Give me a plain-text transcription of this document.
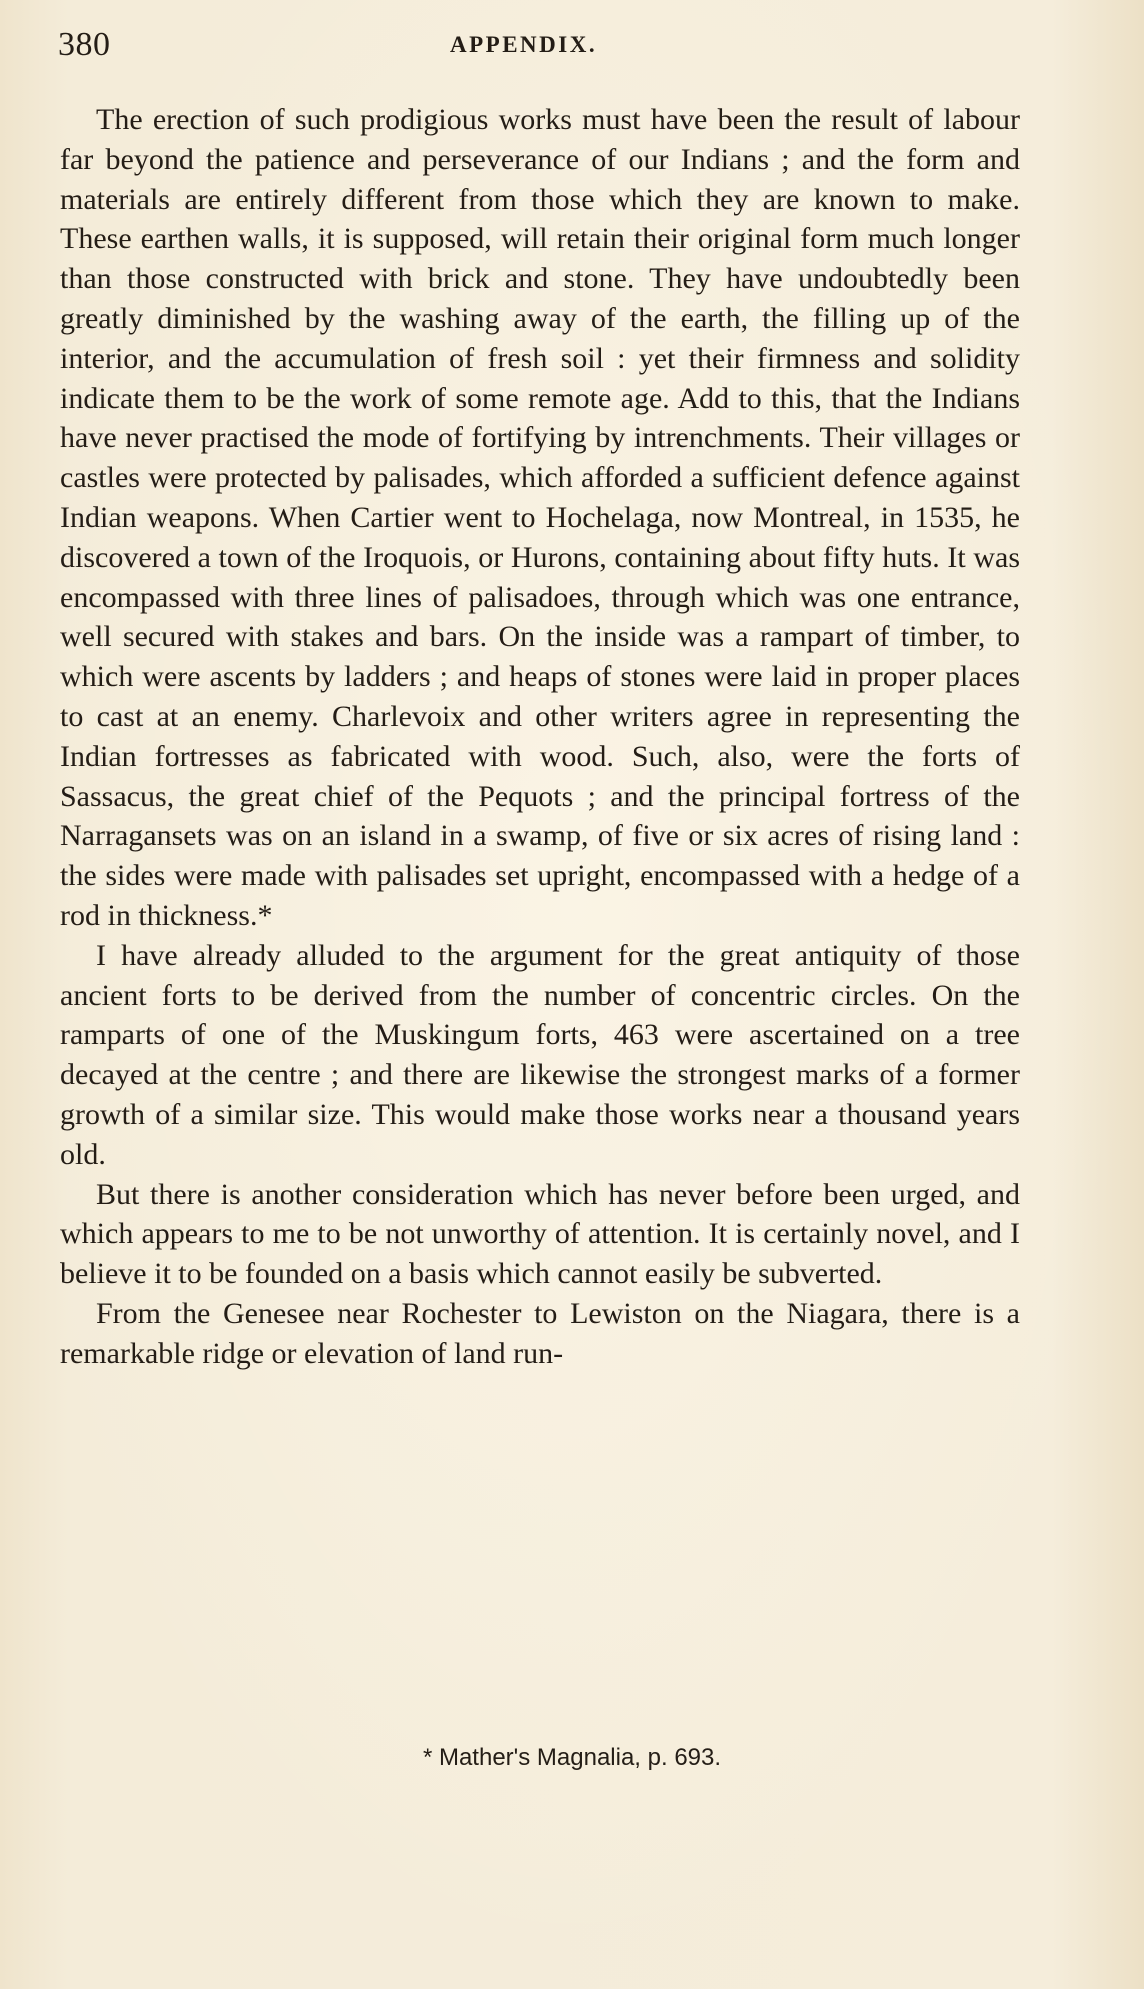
380	APPENDIX.

The erection of such prodigious works must have been the result of labour far beyond the patience and perseverance of our Indians ; and the form and materials are entirely different from those which they are known to make. These earthen walls, it is supposed, will retain their original form much longer than those constructed with brick and stone. They have undoubtedly been greatly diminished by the washing away of the earth, the filling up of the interior, and the accumulation of fresh soil : yet their firmness and solidity indicate them to be the work of some remote age. Add to this, that the Indians have never practised the mode of fortifying by intrenchments. Their villages or castles were protected by palisades, which afforded a sufficient defence against Indian weapons. When Cartier went to Hochelaga, now Montreal, in 1535, he discovered a town of the Iroquois, or Hurons, containing about fifty huts. It was encompassed with three lines of palisadoes, through which was one entrance, well secured with stakes and bars. On the inside was a rampart of timber, to which were ascents by ladders ; and heaps of stones were laid in proper places to cast at an enemy. Charlevoix and other writers agree in representing the Indian fortresses as fabricated with wood. Such, also, were the forts of Sassacus, the great chief of the Pequots ; and the principal fortress of the Narragansets was on an island in a swamp, of five or six acres of rising land : the sides were made with palisades set upright, encompassed with a hedge of a rod in thickness.*

I have already alluded to the argument for the great antiquity of those ancient forts to be derived from the number of concentric circles. On the ramparts of one of the Muskingum forts, 463 were ascertained on a tree decayed at the centre ; and there are likewise the strongest marks of a former growth of a similar size. This would make those works near a thousand years old.

But there is another consideration which has never before been urged, and which appears to me to be not unworthy of attention. It is certainly novel, and I believe it to be founded on a basis which cannot easily be subverted.

From the Genesee near Rochester to Lewiston on the Niagara, there is a remarkable ridge or elevation of land run-

* Mather's Magnalia, p. 693.
